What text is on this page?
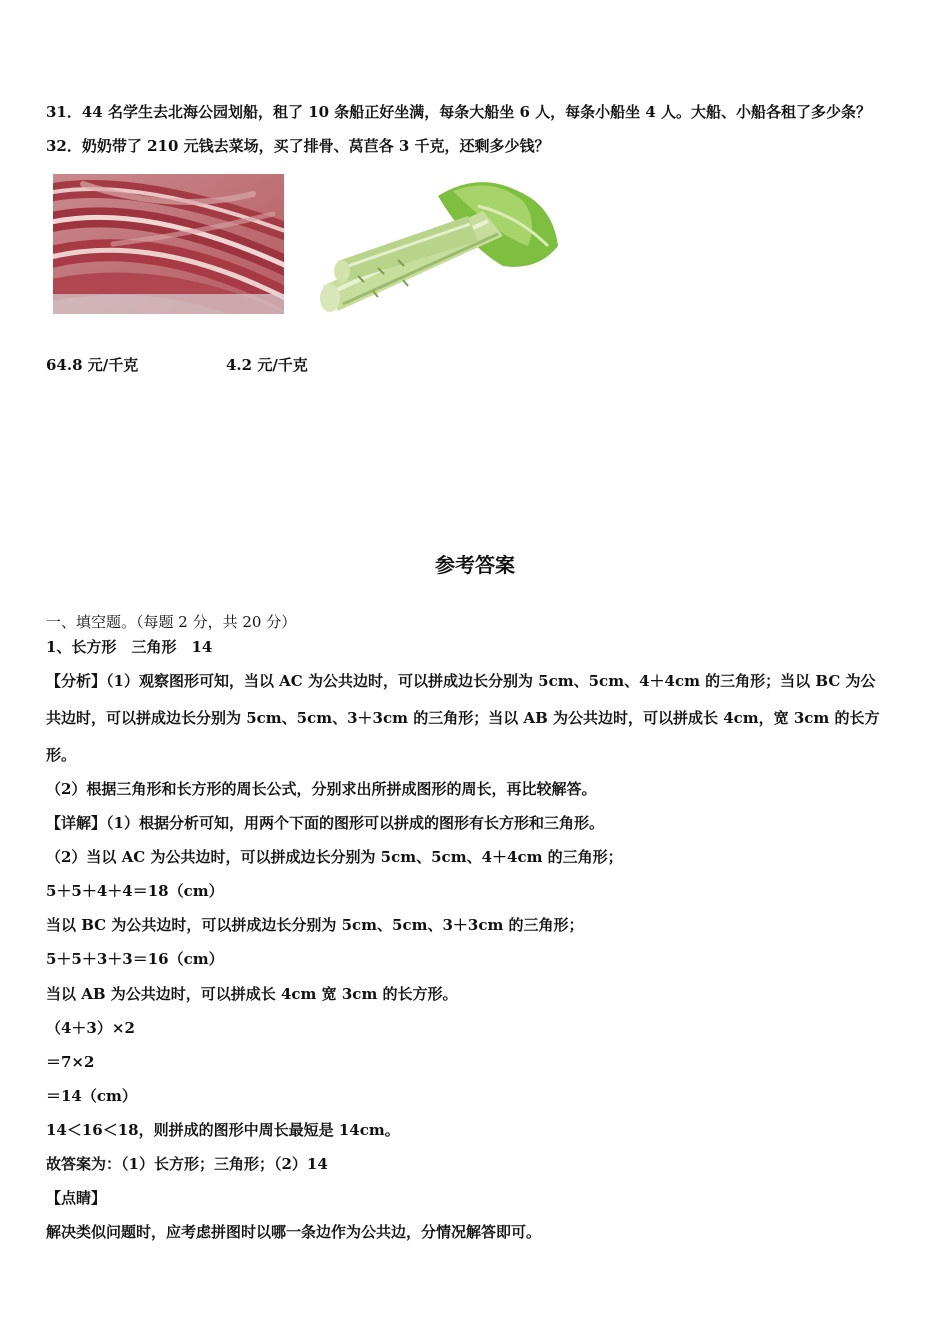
31．44 名学生去北海公园划船，租了 10 条船正好坐满，每条大船坐 6 人，每条小船坐 4 人。大船、小船各租了多少条？
32．奶奶带了 210 元钱去菜场，买了排骨、莴苣各 3 千克，还剩多少钱？
64.8 元/千克	4.2 元/千克
参考答案
一、填空题。（每题 2 分，共 20 分）
1、长方形　三角形　14
【分析】（1）观察图形可知，当以 AC 为公共边时，可以拼成边长分别为 5cm、5cm、4＋4cm 的三角形；当以 BC 为公
共边时，可以拼成边长分别为 5cm、5cm、3＋3cm 的三角形；当以 AB 为公共边时，可以拼成长 4cm，宽 3cm 的长方
形。
（2）根据三角形和长方形的周长公式，分别求出所拼成图形的周长，再比较解答。
【详解】（1）根据分析可知，用两个下面的图形可以拼成的图形有长方形和三角形。
（2）当以 AC 为公共边时，可以拼成边长分别为 5cm、5cm、4＋4cm 的三角形；
5＋5＋4＋4＝18（cm）
当以 BC 为公共边时，可以拼成边长分别为 5cm、5cm、3＋3cm 的三角形；
5＋5＋3＋3＝16（cm）
当以 AB 为公共边时，可以拼成长 4cm 宽 3cm 的长方形。
（4＋3）×2
＝7×2
＝14（cm）
14＜16＜18，则拼成的图形中周长最短是 14cm。
故答案为：（1）长方形；三角形；（2）14
【点睛】
解决类似问题时，应考虑拼图时以哪一条边作为公共边，分情况解答即可。
